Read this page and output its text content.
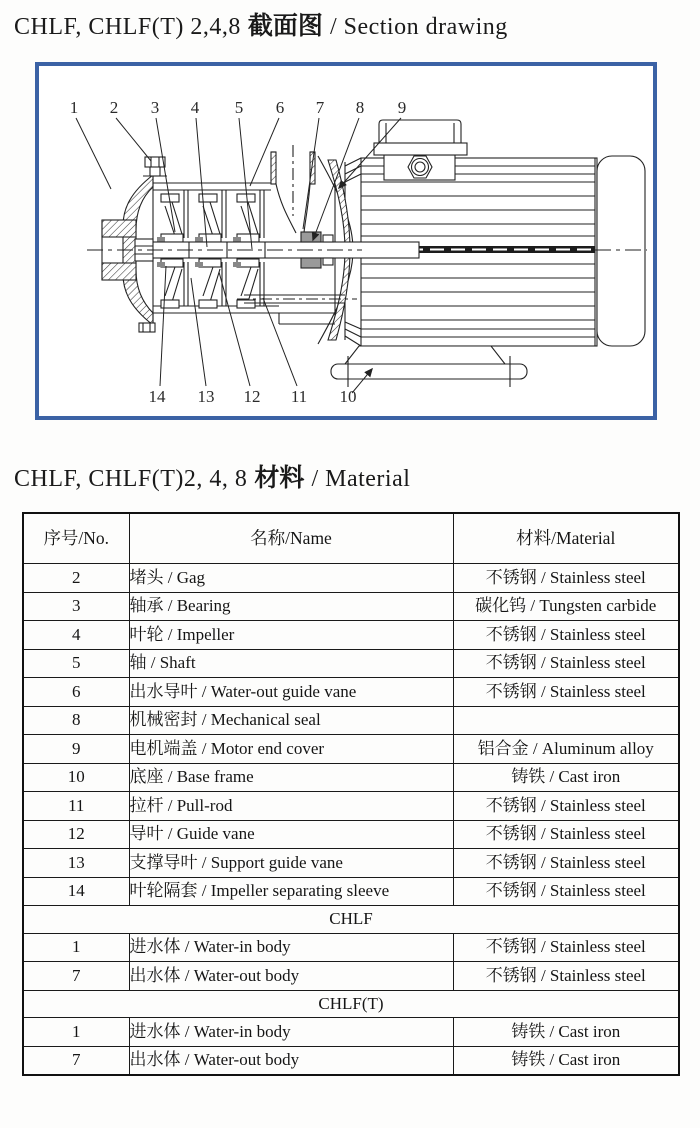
CHLF, CHLF(T) 2,4,8 截面图 / Section drawing
1 2 3 4 5 6 7 8 9
14 13 12 11 10
CHLF, CHLF(T)2, 4, 8 材料 / Material
序号/No.	名称/Name	材料/Material
2	堵头 / Gag	不锈钢 / Stainless steel
3	轴承 / Bearing	碳化钨 / Tungsten carbide
4	叶轮 / Impeller	不锈钢 / Stainless steel
5	轴 / Shaft	不锈钢 / Stainless steel
6	出水导叶 / Water-out guide vane	不锈钢 / Stainless steel
8	机械密封 / Mechanical seal	
9	电机端盖 / Motor end cover	铝合金 / Aluminum alloy
10	底座 / Base frame	铸铁 / Cast iron
11	拉杆 / Pull-rod	不锈钢 / Stainless steel
12	导叶 / Guide vane	不锈钢 / Stainless steel
13	支撑导叶 / Support guide vane	不锈钢 / Stainless steel
14	叶轮隔套 / Impeller separating sleeve	不锈钢 / Stainless steel
CHLF		
1	进水体 / Water-in body	不锈钢 / Stainless steel
7	出水体 / Water-out body	不锈钢 / Stainless steel
CHLF(T)		
1	进水体 / Water-in body	铸铁 / Cast iron
7	出水体 / Water-out body	铸铁 / Cast iron
